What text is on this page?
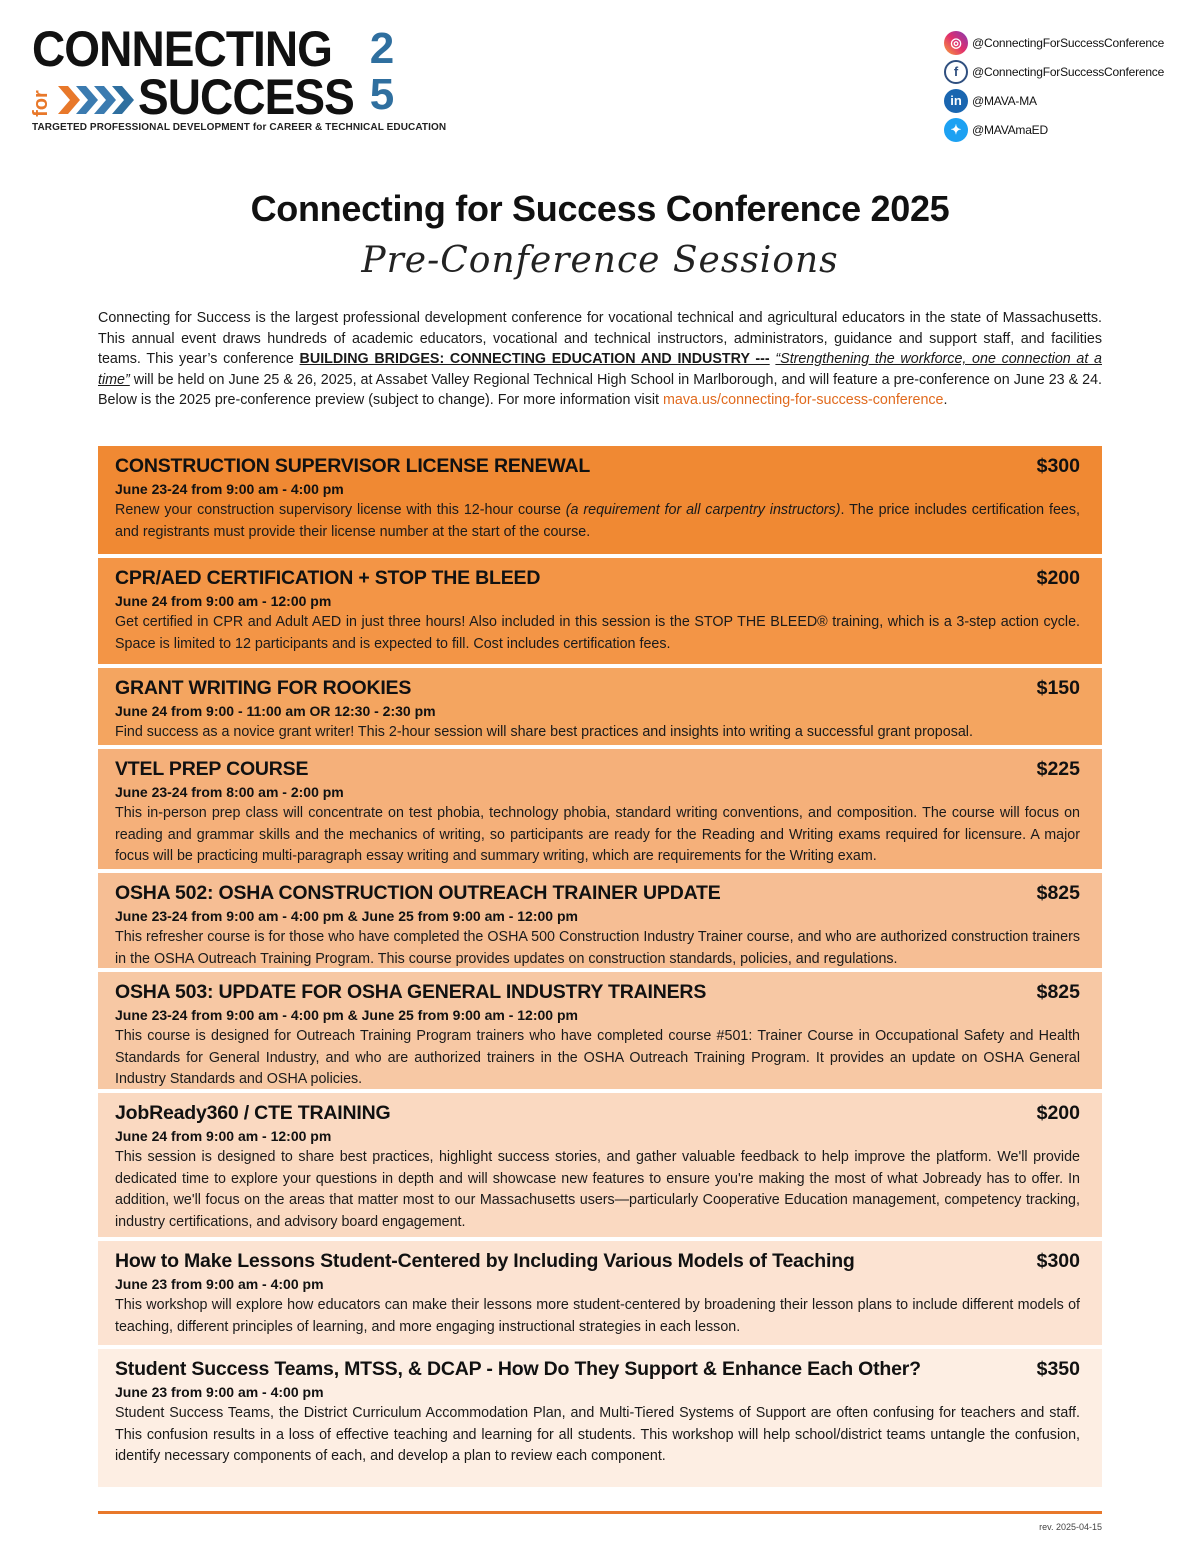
CONNECTING
for SUCCESS
2
5
TARGETED PROFESSIONAL DEVELOPMENT for CAREER & TECHNICAL EDUCATION
◎ @ConnectingForSuccessConference
f	@ConnectingForSuccessConference
in @MAVA-MA
✦ @MAVAmaED
Connecting for Success Conference 2025
Pre-Conference Sessions

Connecting for Success is the largest professional development conference for vocational technical and agricultural educators in the state of Massachusetts. This annual event draws hundreds of academic educators, vocational and technical instructors, administrators, guidance and support staff, and facilities teams. This year’s conference BUILDING BRIDGES: CONNECTING EDUCATION AND INDUSTRY --- “Strengthening the workforce, one connection at a time” will be held on June 25 & 26, 2025, at Assabet Valley Regional Technical High School in Marlborough, and will feature a pre-conference on June 23 & 24. Below is the 2025 pre-conference preview (subject to change). For more information visit mava.us/connecting-for-success-conference.

CONSTRUCTION SUPERVISOR LICENSE RENEWAL	$300
June 23-24 from 9:00 am - 4:00 pm
Renew your construction supervisory license with this 12-hour course (a requirement for all carpentry instructors). The price includes certification fees, and registrants must provide their license number at the start of the course.
CPR/AED CERTIFICATION + STOP THE BLEED	$200
June 24 from 9:00 am - 12:00 pm
Get certified in CPR and Adult AED in just three hours! Also included in this session is the STOP THE BLEED® training, which is a 3-step action cycle. Space is limited to 12 participants and is expected to fill. Cost includes certification fees.
GRANT WRITING FOR ROOKIES	$150
June 24 from 9:00 - 11:00 am OR 12:30 - 2:30 pm
Find success as a novice grant writer! This 2-hour session will share best practices and insights into writing a successful grant proposal.
VTEL PREP COURSE	$225
June 23-24 from 8:00 am - 2:00 pm
This in-person prep class will concentrate on test phobia, technology phobia, standard writing conventions, and composition. The course will focus on reading and grammar skills and the mechanics of writing, so participants are ready for the Reading and Writing exams required for licensure. A major focus will be practicing multi-paragraph essay writing and summary writing, which are requirements for the Writing exam.
OSHA 502: OSHA CONSTRUCTION OUTREACH TRAINER UPDATE	$825
June 23-24 from 9:00 am - 4:00 pm & June 25 from 9:00 am - 12:00 pm
This refresher course is for those who have completed the OSHA 500 Construction Industry Trainer course, and who are authorized construction trainers in the OSHA Outreach Training Program. This course provides updates on construction standards, policies, and regulations.
OSHA 503: UPDATE FOR OSHA GENERAL INDUSTRY TRAINERS	$825
June 23-24 from 9:00 am - 4:00 pm & June 25 from 9:00 am - 12:00 pm
This course is designed for Outreach Training Program trainers who have completed course #501: Trainer Course in Occupational Safety and Health Standards for General Industry, and who are authorized trainers in the OSHA Outreach Training Program. It provides an update on OSHA General Industry Standards and OSHA policies.
JobReady360 / CTE TRAINING	$200
June 24 from 9:00 am - 12:00 pm
This session is designed to share best practices, highlight success stories, and gather valuable feedback to help improve the platform. We'll provide dedicated time to explore your questions in depth and will showcase new features to ensure you're making the most of what Jobready has to offer. In addition, we'll focus on the areas that matter most to our Massachusetts users—particularly Cooperative Education management, competency tracking, industry certifications, and advisory board engagement.
How to Make Lessons Student-Centered by Including Various Models of Teaching	$300
June 23 from 9:00 am - 4:00 pm
This workshop will explore how educators can make their lessons more student-centered by broadening their lesson plans to include different models of teaching, different principles of learning, and more engaging instructional strategies in each lesson.
Student Success Teams, MTSS, & DCAP - How Do They Support & Enhance Each Other?	$350
June 23 from 9:00 am - 4:00 pm
Student Success Teams, the District Curriculum Accommodation Plan, and Multi-Tiered Systems of Support are often confusing for teachers and staff. This confusion results in a loss of effective teaching and learning for all students. This workshop will help school/district teams untangle the confusion, identify necessary components of each, and develop a plan to review each component.
rev. 2025-04-15
